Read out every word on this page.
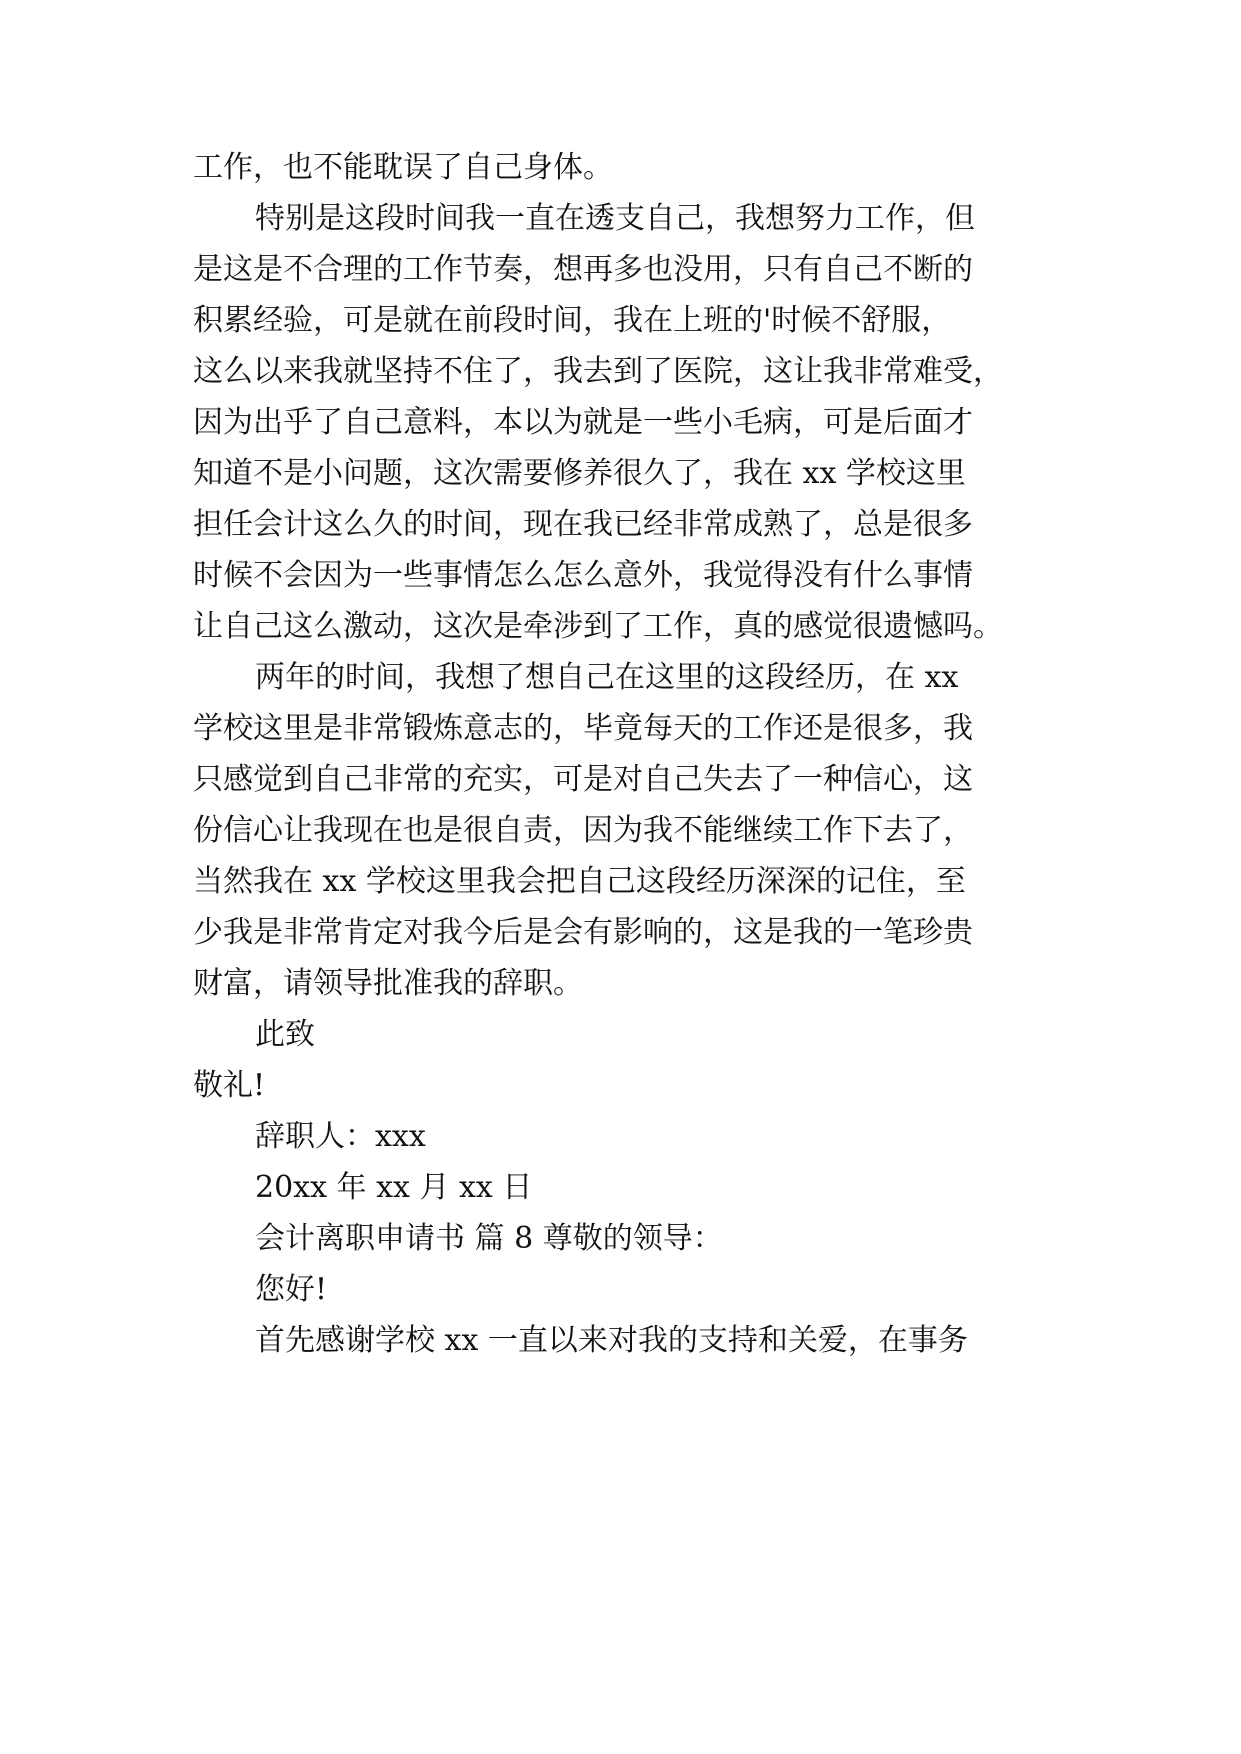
工作，也不能耽误了自己身体。
特别是这段时间我一直在透支自己，我想努力工作，但
是这是不合理的工作节奏，想再多也没用，只有自己不断的
积累经验，可是就在前段时间，我在上班的'时候不舒服，
这么以来我就坚持不住了，我去到了医院，这让我非常难受，
因为出乎了自己意料，本以为就是一些小毛病，可是后面才
知道不是小问题，这次需要修养很久了，我在 xx 学校这里
担任会计这么久的时间，现在我已经非常成熟了，总是很多
时候不会因为一些事情怎么怎么意外，我觉得没有什么事情
让自己这么激动，这次是牵涉到了工作，真的感觉很遗憾吗。
两年的时间，我想了想自己在这里的这段经历，在 xx
学校这里是非常锻炼意志的，毕竟每天的工作还是很多，我
只感觉到自己非常的充实，可是对自己失去了一种信心，这
份信心让我现在也是很自责，因为我不能继续工作下去了，
当然我在 xx 学校这里我会把自己这段经历深深的记住，至
少我是非常肯定对我今后是会有影响的，这是我的一笔珍贵
财富，请领导批准我的辞职。
此致
敬礼!
辞职人：xxx
20xx 年 xx 月 xx 日
会计离职申请书 篇 8 尊敬的领导：
您好!
首先感谢学校 xx 一直以来对我的支持和关爱，在事务
